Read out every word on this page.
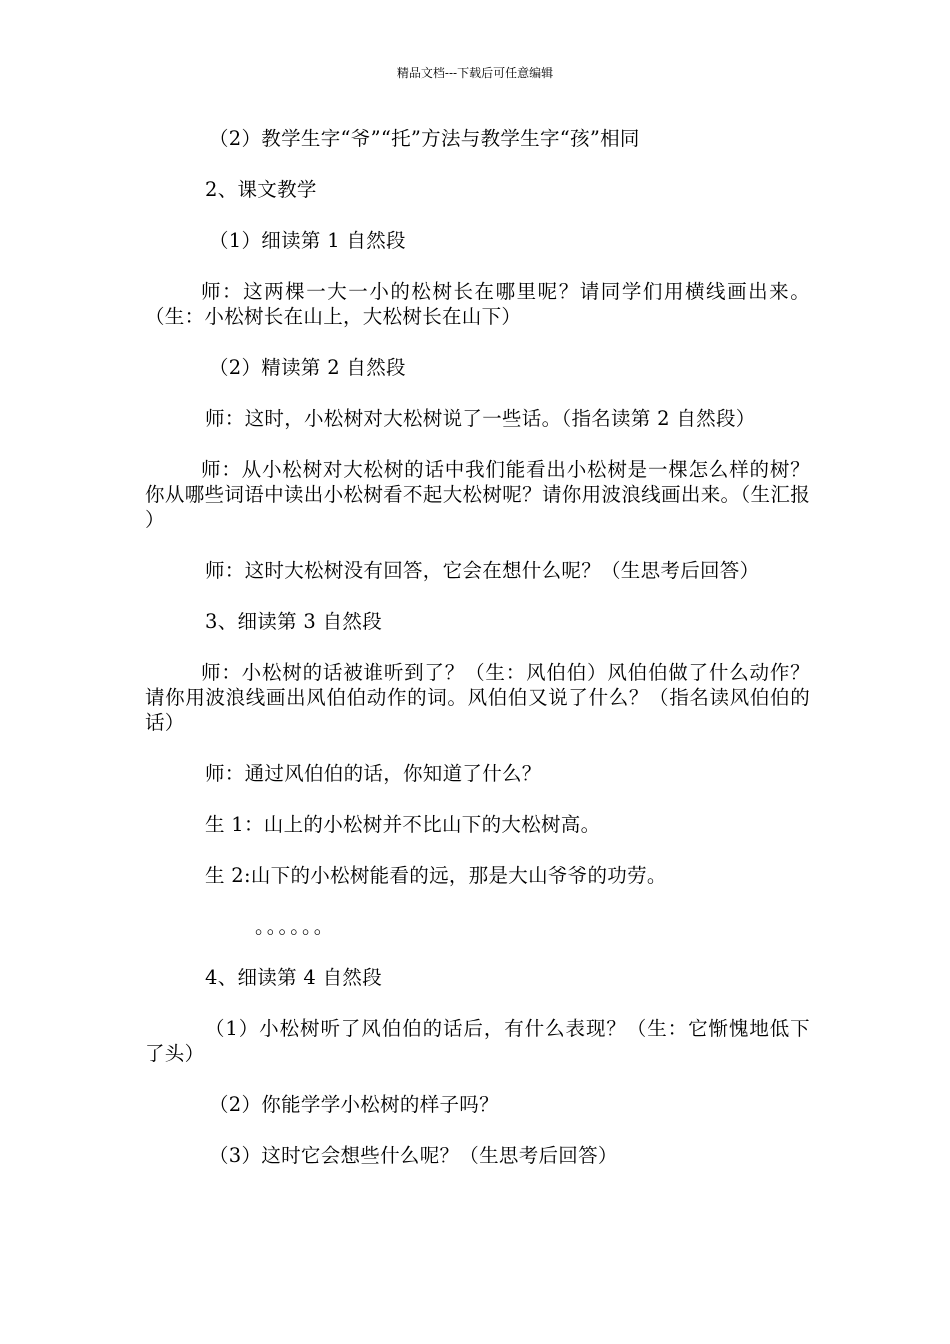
精品文档---下载后可任意编辑

（2）教学生字“爷”“托”方法与教学生字“孩”相同

2、课文教学

（1）细读第 1 自然段

师：这两棵一大一小的松树长在哪里呢？请同学们用横线画出来。（生：小松树长在山上，大松树长在山下）

（2）精读第 2 自然段

师：这时，小松树对大松树说了一些话。（指名读第 2 自然段）

师：从小松树对大松树的话中我们能看出小松树是一棵怎么样的树？你从哪些词语中读出小松树看不起大松树呢？请你用波浪线画出来。（生汇报 ）

师：这时大松树没有回答，它会在想什么呢？（生思考后回答）

3、细读第 3 自然段

师：小松树的话被谁听到了？（生：风伯伯）风伯伯做了什么动作？请你用波浪线画出风伯伯动作的词。风伯伯又说了什么？（指名读风伯伯的话）

师：通过风伯伯的话，你知道了什么？

生 1：山上的小松树并不比山下的大松树高。

生 2:山下的小松树能看的远，那是大山爷爷的功劳。

。。。。。。

4、细读第 4 自然段

（1）小松树听了风伯伯的话后，有什么表现？（生：它惭愧地低下了头）

（2）你能学学小松树的样子吗？

（3）这时它会想些什么呢？（生思考后回答）
